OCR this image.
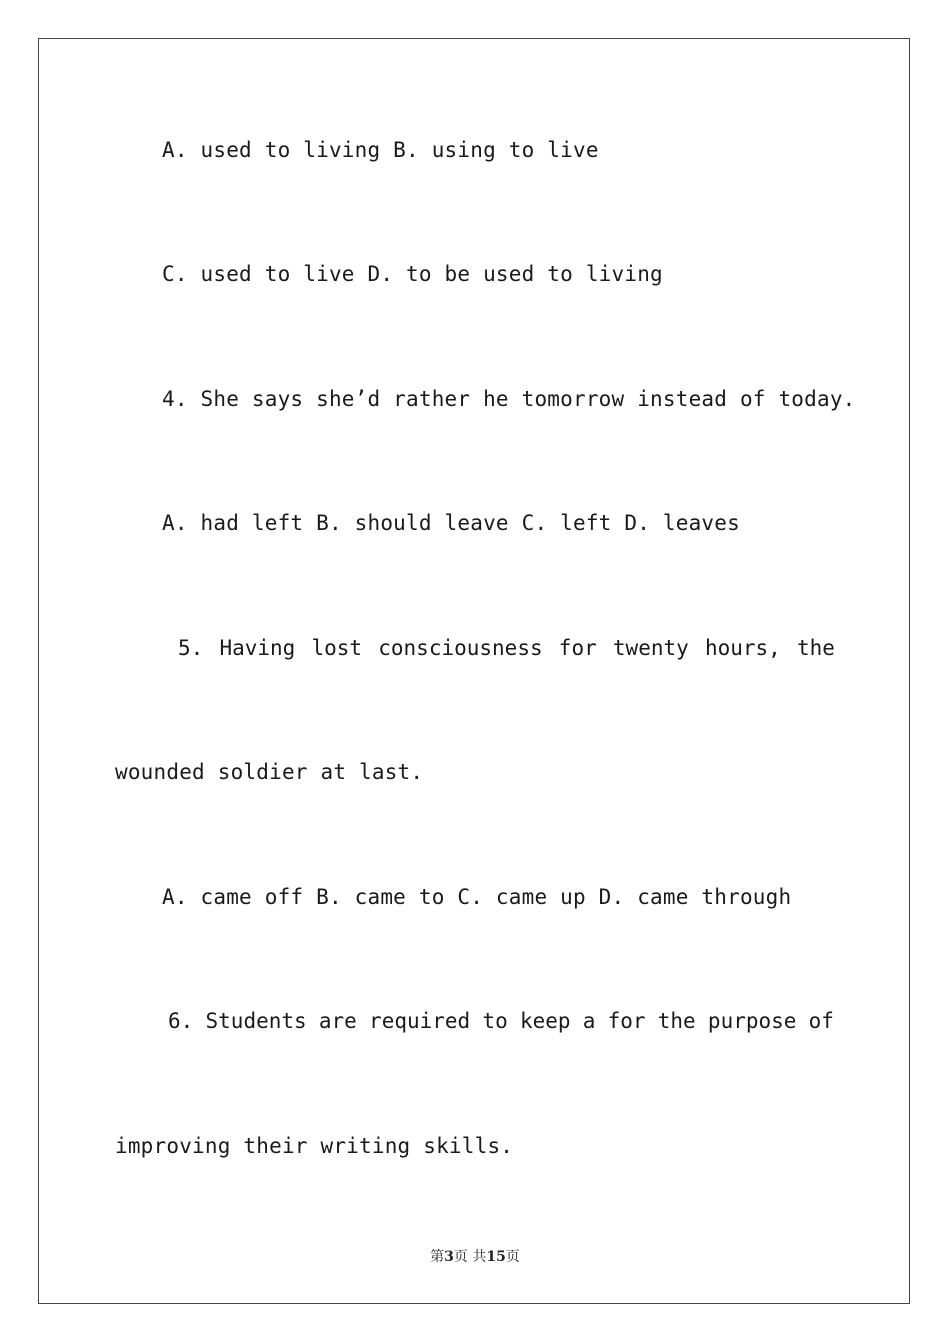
A. used to living B. using to live
C. used to live D. to be used to living
4. She says she’d rather he tomorrow instead of today.
A. had left B. should leave C. left D. leaves
5. Having lost consciousness for twenty hours, the
wounded soldier at last.
A. came off B. came to C. came up D. came through
6. Students are required to keep a for the purpose of
improving their writing skills.
第3页 共15页
